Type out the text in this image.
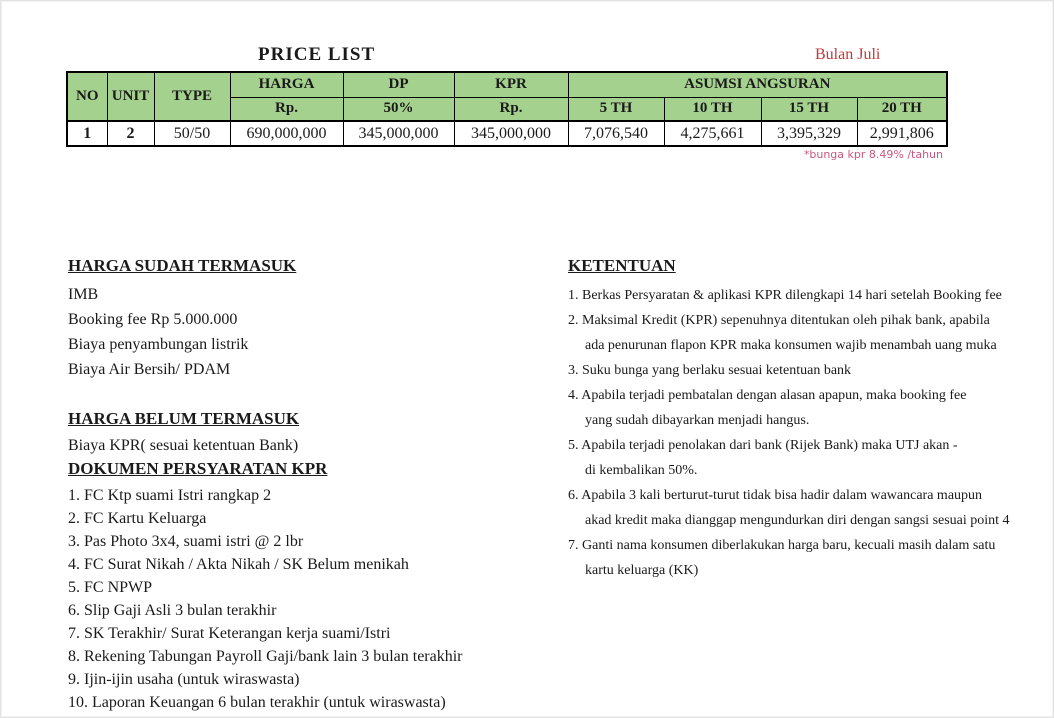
PRICE LIST	Bulan Juli
NO	UNIT	TYPE	HARGA	DP	KPR	ASUMSI ANGSURAN			
			Rp.	50%	Rp.	5 TH	10 TH	15 TH	20 TH
1	2	50/50	690,000,000	345,000,000	345,000,000	7,076,540	4,275,661	3,395,329	2,991,806
*bunga kpr 8.49% /tahun
HARGA SUDAH TERMASUK
IMB
Booking fee Rp 5.000.000
Biaya penyambungan listrik
Biaya Air Bersih/ PDAM
HARGA BELUM TERMASUK
Biaya KPR( sesuai ketentuan Bank)
DOKUMEN PERSYARATAN KPR
1. FC Ktp suami Istri rangkap 2
2. FC Kartu Keluarga
3. Pas Photo 3x4, suami istri @ 2 lbr
4. FC Surat Nikah / Akta Nikah / SK Belum menikah
5. FC NPWP
6. Slip Gaji Asli 3 bulan terakhir
7. SK Terakhir/ Surat Keterangan kerja suami/Istri
8. Rekening Tabungan Payroll Gaji/bank lain 3 bulan terakhir
9. Ijin-ijin usaha (untuk wiraswasta)
10. Laporan Keuangan 6 bulan terakhir (untuk wiraswasta)
KETENTUAN
1. Berkas Persyaratan & aplikasi KPR dilengkapi 14 hari setelah Booking fee
2. Maksimal Kredit (KPR) sepenuhnya ditentukan oleh pihak bank, apabila
ada penurunan flapon KPR maka konsumen wajib menambah uang muka
3. Suku bunga yang berlaku sesuai ketentuan bank
4. Apabila terjadi pembatalan dengan alasan apapun, maka booking fee
yang sudah dibayarkan menjadi hangus.
5. Apabila terjadi penolakan dari bank (Rijek Bank) maka UTJ akan -
di kembalikan 50%.
6. Apabila 3 kali berturut-turut tidak bisa hadir dalam wawancara maupun
akad kredit maka dianggap mengundurkan diri dengan sangsi sesuai point 4
7. Ganti nama konsumen diberlakukan harga baru, kecuali masih dalam satu
kartu keluarga (KK)
